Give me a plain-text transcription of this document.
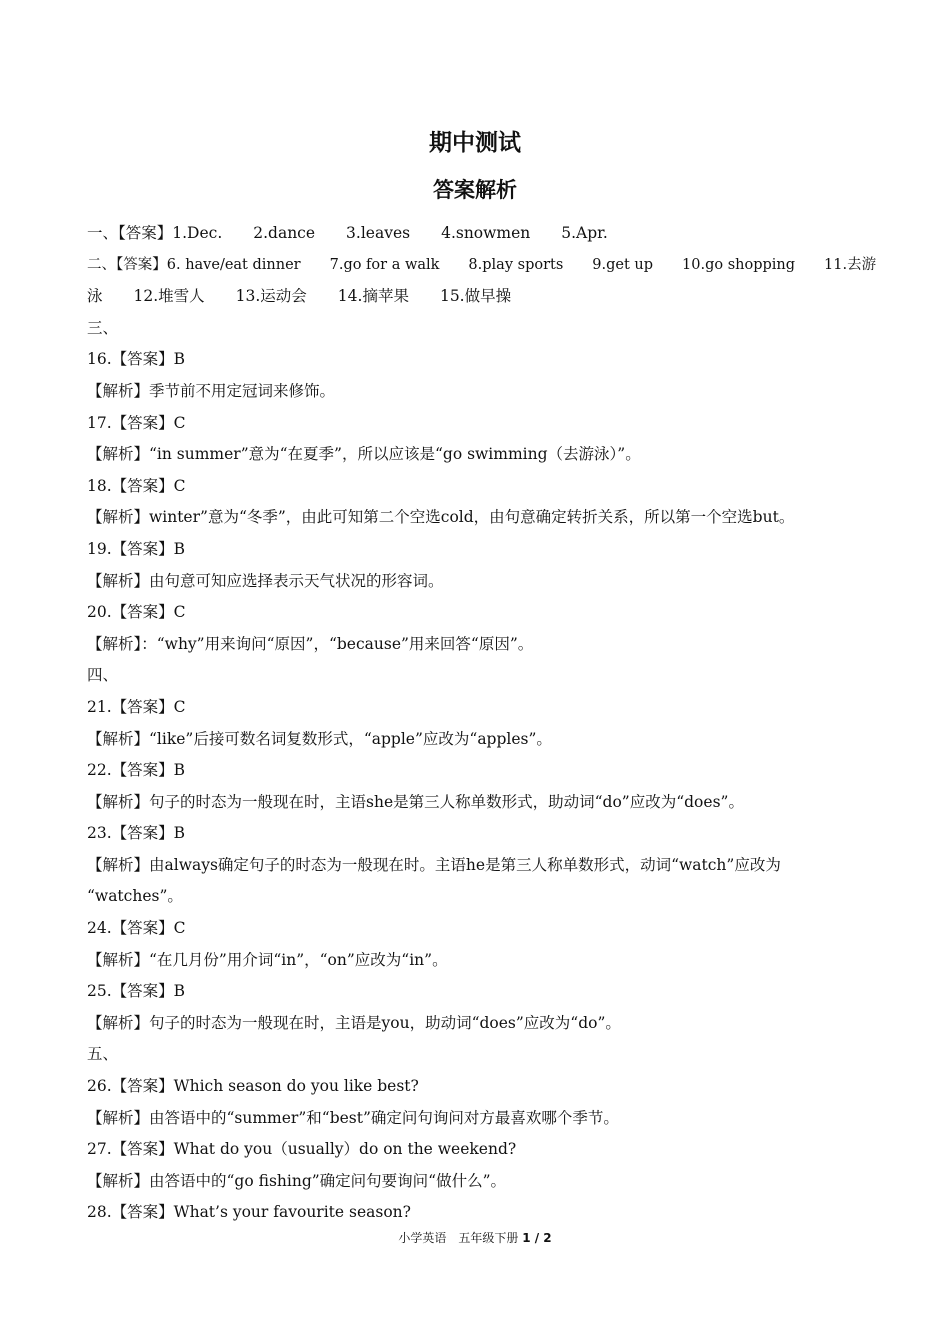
期中测试
答案解析
一、【答案】1.Dec.　　2.dance　　3.leaves　　4.snowmen　　5.Apr.
二、【答案】6. have/eat dinner　　7.go for a walk　　8.play sports　　9.get up　　10.go shopping　　11.去游
泳　　12.堆雪人　　13.运动会　　14.摘苹果　　15.做早操
三、
16.【答案】B
【解析】季节前不用定冠词来修饰。
17.【答案】C
【解析】“in summer”意为“在夏季”，所以应该是“go swimming（去游泳）”。
18.【答案】C
【解析】winter”意为“冬季”，由此可知第二个空选cold，由句意确定转折关系，所以第一个空选but。
19.【答案】B
【解析】由句意可知应选择表示天气状况的形容词。
20.【答案】C
【解析】：“why”用来询问“原因”，“because”用来回答“原因”。
四、
21.【答案】C
【解析】“like”后接可数名词复数形式，“apple”应改为“apples”。
22.【答案】B
【解析】句子的时态为一般现在时，主语she是第三人称单数形式，助动词“do”应改为“does”。
23.【答案】B
【解析】由always确定句子的时态为一般现在时。主语he是第三人称单数形式，动词“watch”应改为
“watches”。
24.【答案】C
【解析】“在几月份”用介词“in”，“on”应改为“in”。
25.【答案】B
【解析】句子的时态为一般现在时，主语是you，助动词“does”应改为“do”。
五、
26.【答案】Which season do you like best?
【解析】由答语中的“summer”和“best”确定问句询问对方最喜欢哪个季节。
27.【答案】What do you（usually）do on the weekend?
【解析】由答语中的“go fishing”确定问句要询问“做什么”。
28.【答案】What’s your favourite season?
小学英语　五年级下册 1 / 2
